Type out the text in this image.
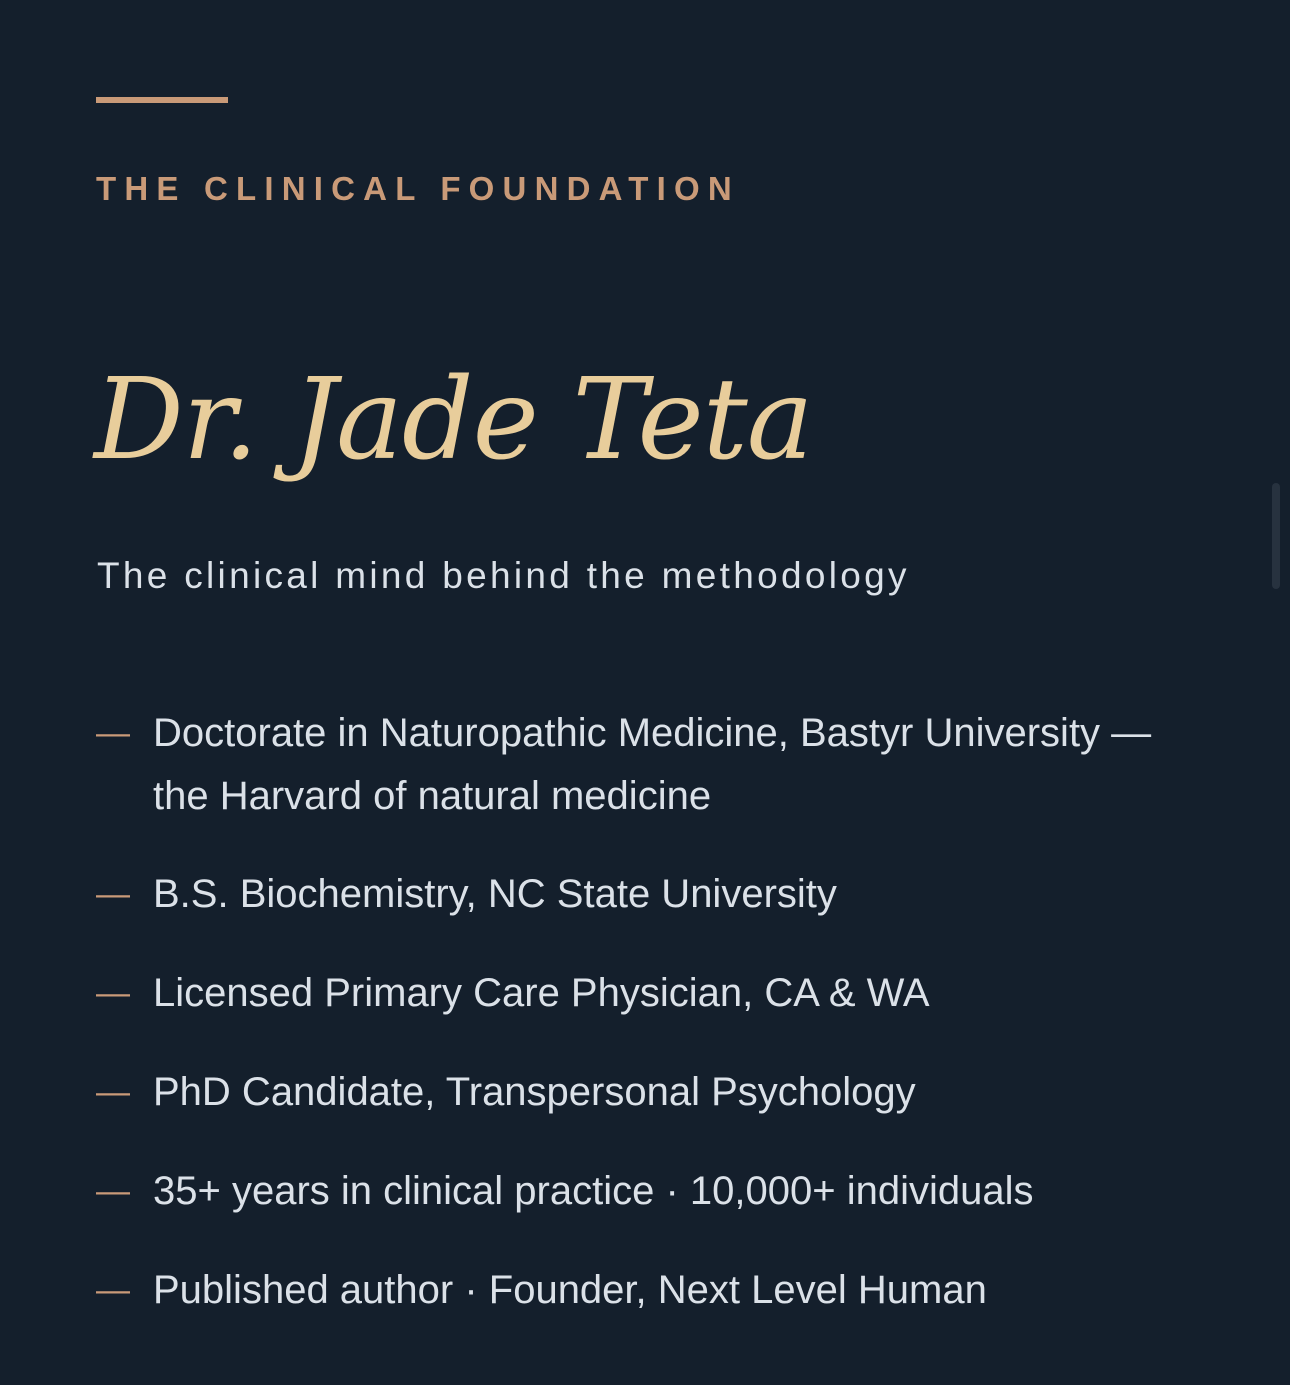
THE CLINICAL FOUNDATION

Dr. Jade Teta

The clinical mind behind the methodology

— Doctorate in Naturopathic Medicine, Bastyr University — the Harvard of natural medicine
— B.S. Biochemistry, NC State University
— Licensed Primary Care Physician, CA & WA
— PhD Candidate, Transpersonal Psychology
— 35+ years in clinical practice · 10,000+ individuals
— Published author · Founder, Next Level Human
